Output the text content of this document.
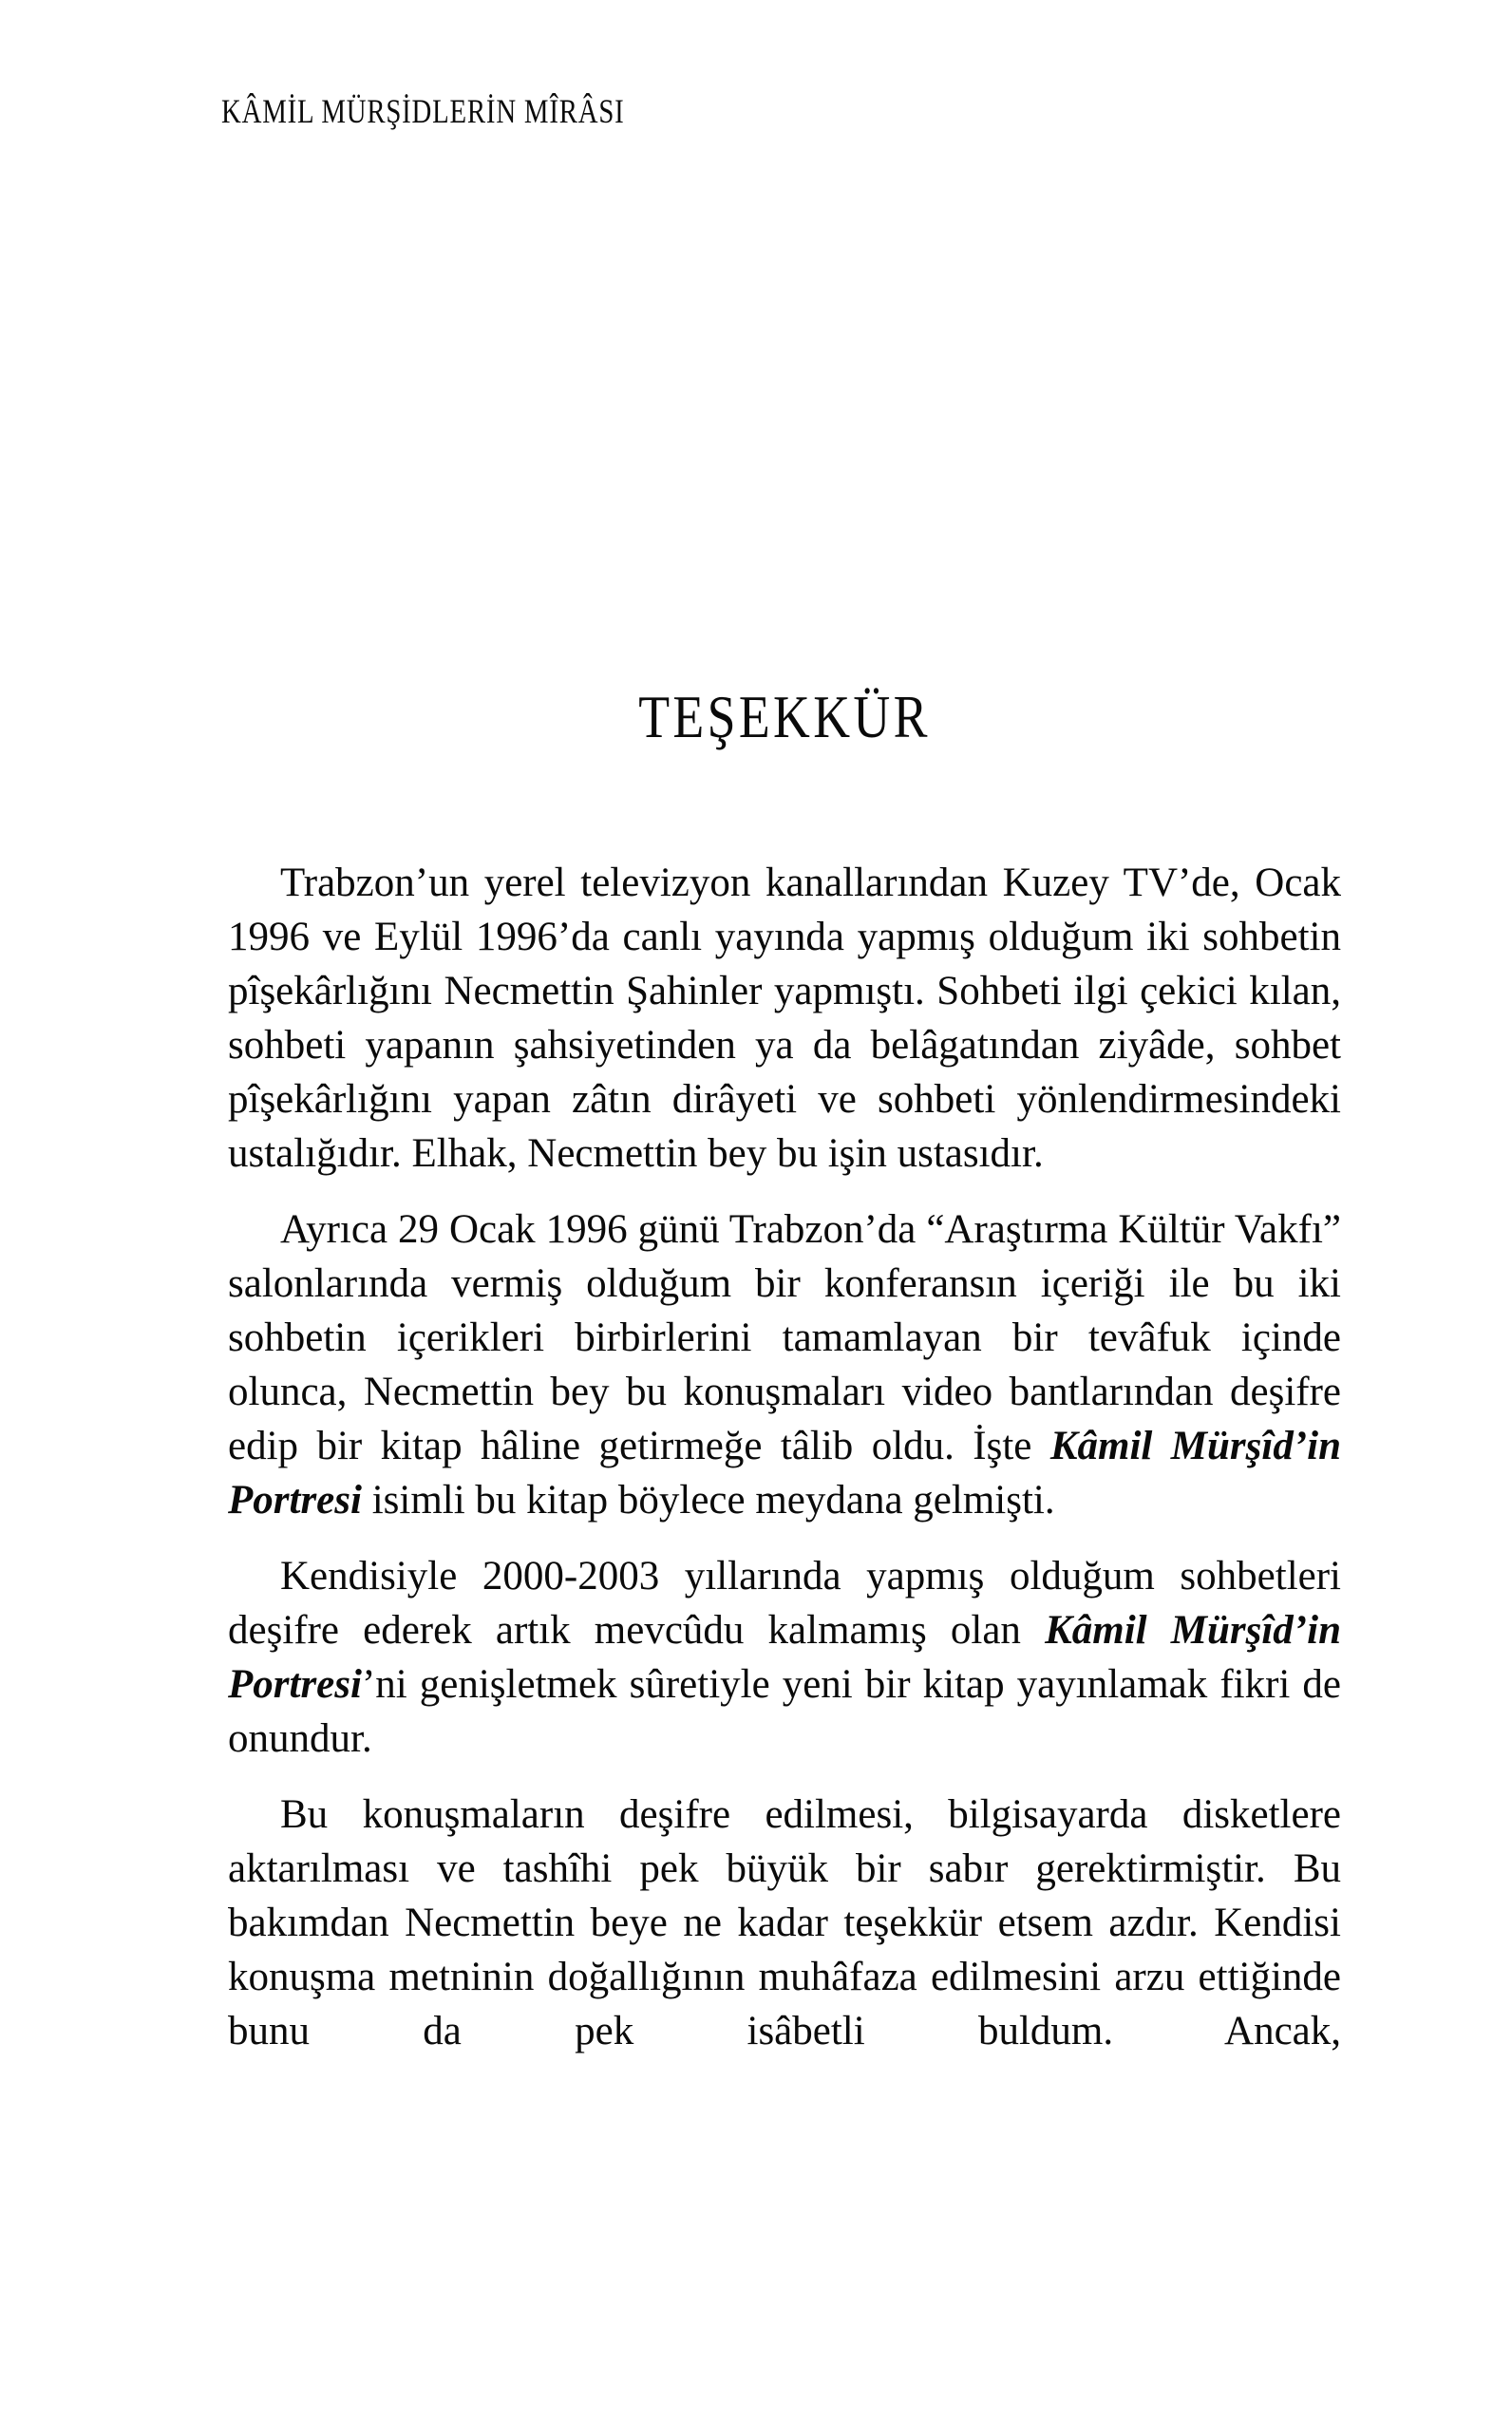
KÂMİL MÜRŞİDLERİN MÎRÂSI
TEŞEKKÜR

Trabzon’un yerel televizyon kanallarından Kuzey TV’de, Ocak 1996 ve Eylül 1996’da canlı yayında yapmış olduğum iki sohbetin pîşekârlığını Necmettin Şahinler yapmıştı. Sohbeti ilgi çekici kılan, sohbeti yapanın şahsiyetinden ya da belâgatından ziyâde, sohbet pîşekârlığını yapan zâtın dirâyeti ve sohbeti yönlendirmesindeki ustalığıdır. Elhak, Necmettin bey bu işin ustasıdır.

Ayrıca 29 Ocak 1996 günü Trabzon’da “Araştırma Kültür Vakfı” salonlarında vermiş olduğum bir konferansın içeriği ile bu iki sohbetin içerikleri birbirlerini tamamlayan bir tevâfuk içinde olunca, Necmettin bey bu konuşmaları video bantlarından deşifre edip bir kitap hâline getirmeğe tâlib oldu. İşte Kâmil Mürşîd’in Portresi isimli bu kitap böylece meydana gelmişti.

Kendisiyle 2000-2003 yıllarında yapmış olduğum sohbetleri deşifre ederek artık mevcûdu kalmamış olan Kâmil Mürşîd’in Portresi’ni genişletmek sûretiyle yeni bir kitap yayınlamak fikri de onundur.

Bu konuşmaların deşifre edilmesi, bilgisayarda disketlere aktarılması ve tashîhi pek büyük bir sabır gerektirmiştir. Bu bakımdan Necmettin beye ne kadar teşekkür etsem azdır. Kendisi konuşma metninin doğallığının muhâfaza edilmesini arzu ettiğinde bunu da pek isâbetli buldum. Ancak,
